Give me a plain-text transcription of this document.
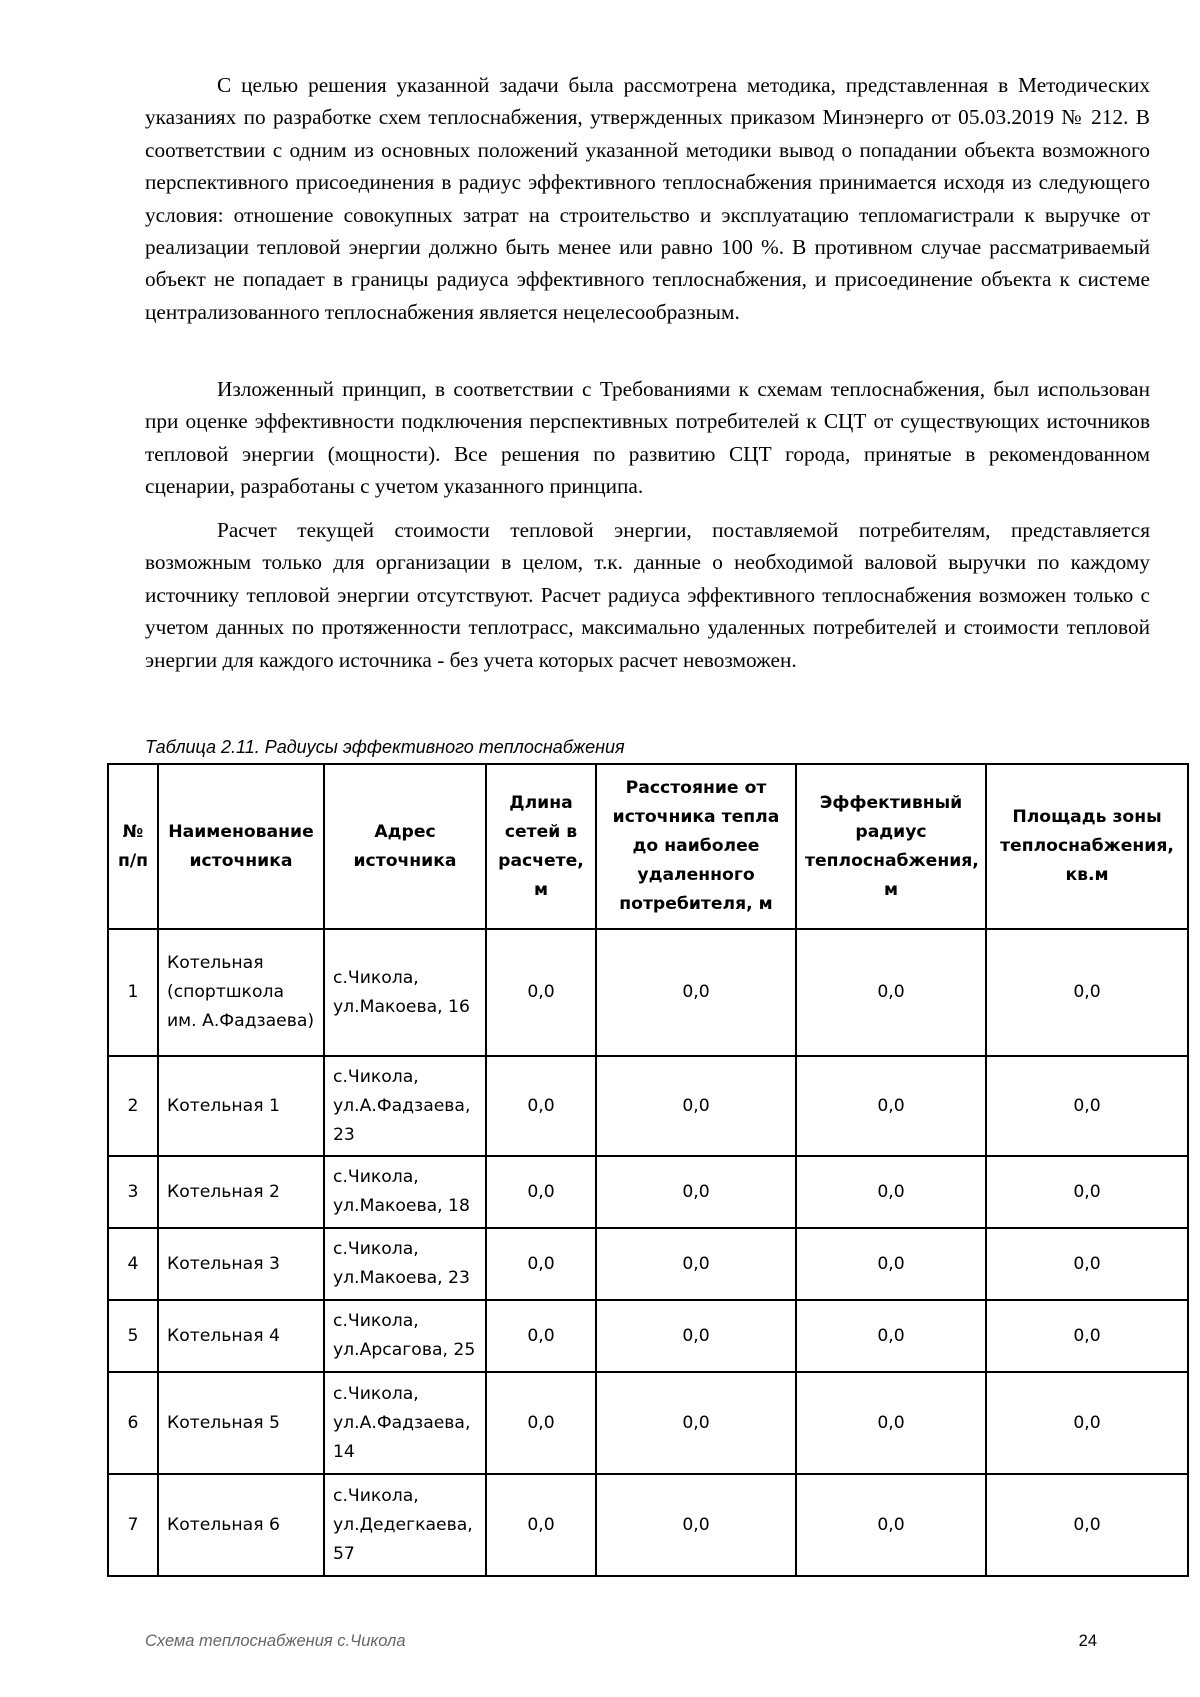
С целью решения указанной задачи была рассмотрена методика, представленная в Методических указаниях по разработке схем теплоснабжения, утвержденных приказом Минэнерго от 05.03.2019 № 212. В соответствии с одним из основных положений указанной методики вывод о попадании объекта возможного перспективного присоединения в радиус эффективного теплоснабжения принимается исходя из следующего условия: отношение совокупных затрат на строительство и эксплуатацию тепломагистрали к выручке от реализации тепловой энергии должно быть менее или равно 100 %. В противном случае рассматриваемый объект не попадает в границы радиуса эффективного теплоснабжения, и присоединение объекта к системе централизованного теплоснабжения является нецелесообразным.

Изложенный принцип, в соответствии с Требованиями к схемам теплоснабжения, был использован при оценке эффективности подключения перспективных потребителей к СЦТ от существующих источников тепловой энергии (мощности). Все решения по развитию СЦТ города, принятые в рекомендованном сценарии, разработаны с учетом указанного принципа.

Расчет текущей стоимости тепловой энергии, поставляемой потребителям, представляется возможным только для организации в целом, т.к. данные о необходимой валовой выручки по каждому источнику тепловой энергии отсутствуют. Расчет радиуса эффективного теплоснабжения возможен только с учетом данных по протяженности теплотрасс, максимально удаленных потребителей и стоимости тепловой энергии для каждого источника - без учета которых расчет невозможен.

Таблица 2.11. Радиусы эффективного теплоснабжения

№ п/п	Наименование источника	Адрес источника	Длина сетей в расчете, м	Расстояние от источника тепла до наиболее удаленного потребителя, м	Эффективный радиус теплоснабжения, м	Площадь зоны теплоснабжения, кв.м
1	Котельная (спортшкола им. А.Фадзаева)	с.Чикола, ул.Макоева, 16	0,0	0,0	0,0	0,0
2	Котельная 1	с.Чикола, ул.А.Фадзаева, 23	0,0	0,0	0,0	0,0
3	Котельная 2	с.Чикола, ул.Макоева, 18	0,0	0,0	0,0	0,0
4	Котельная 3	с.Чикола, ул.Макоева, 23	0,0	0,0	0,0	0,0
5	Котельная 4	с.Чикола, ул.Арсагова, 25	0,0	0,0	0,0	0,0
6	Котельная 5	с.Чикола, ул.А.Фадзаева, 14	0,0	0,0	0,0	0,0
7	Котельная 6	с.Чикола, ул.Дедегкаева, 57	0,0	0,0	0,0	0,0

Схема теплоснабжения с.Чикола	24
